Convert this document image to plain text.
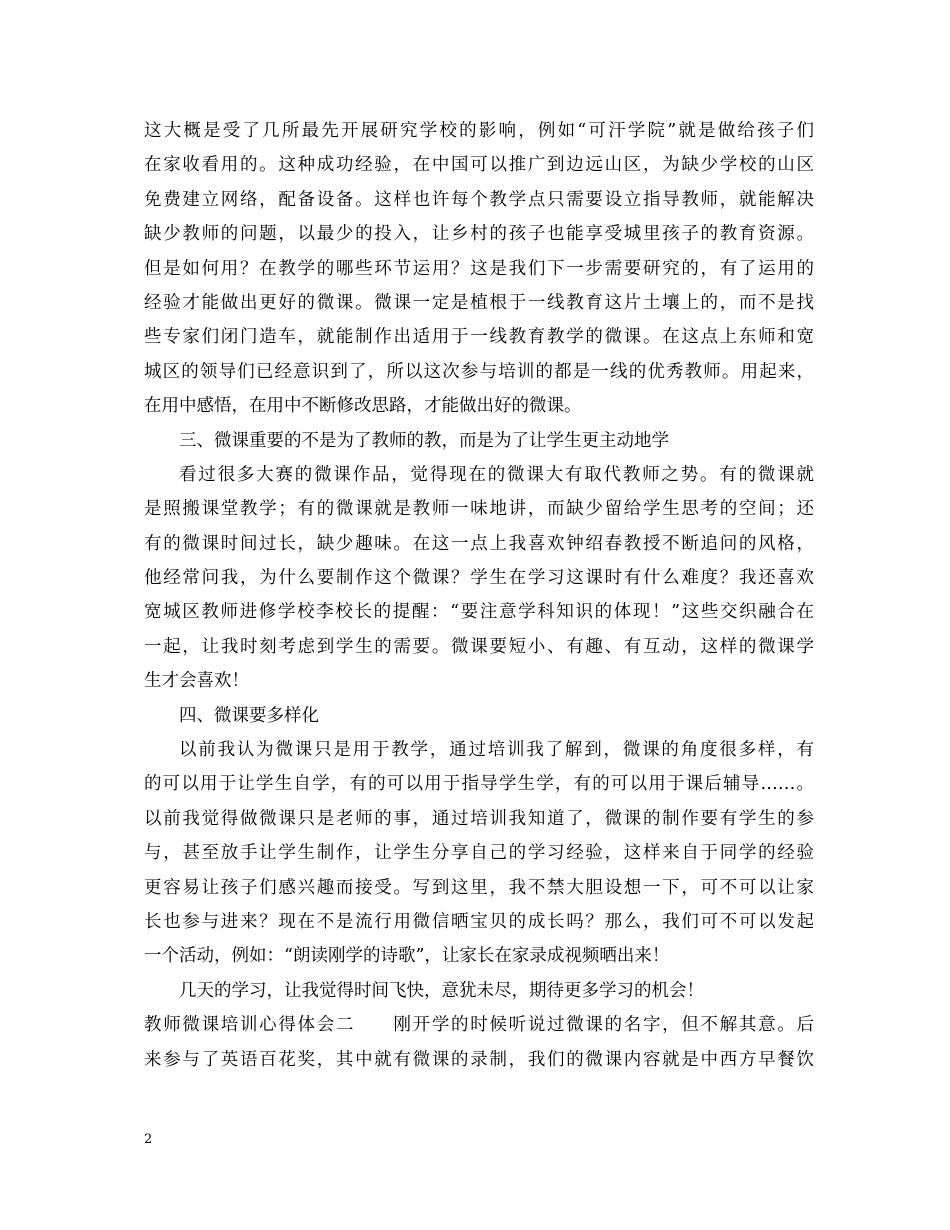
这大概是受了几所最先开展研究学校的影响，例如“可汗学院”就是做给孩子们
在家收看用的。这种成功经验，在中国可以推广到边远山区，为缺少学校的山区
免费建立网络，配备设备。这样也许每个教学点只需要设立指导教师，就能解决
缺少教师的问题，以最少的投入，让乡村的孩子也能享受城里孩子的教育资源。
但是如何用？在教学的哪些环节运用？这是我们下一步需要研究的，有了运用的
经验才能做出更好的微课。微课一定是植根于一线教育这片土壤上的，而不是找
些专家们闭门造车，就能制作出适用于一线教育教学的微课。在这点上东师和宽
城区的领导们已经意识到了，所以这次参与培训的都是一线的优秀教师。用起来，
在用中感悟，在用中不断修改思路，才能做出好的微课。
三、微课重要的不是为了教师的教，而是为了让学生更主动地学
看过很多大赛的微课作品，觉得现在的微课大有取代教师之势。有的微课就
是照搬课堂教学；有的微课就是教师一味地讲，而缺少留给学生思考的空间；还
有的微课时间过长，缺少趣味。在这一点上我喜欢钟绍春教授不断追问的风格，
他经常问我，为什么要制作这个微课？学生在学习这课时有什么难度？我还喜欢
宽城区教师进修学校李校长的提醒：“要注意学科知识的体现！”这些交织融合在
一起，让我时刻考虑到学生的需要。微课要短小、有趣、有互动，这样的微课学
生才会喜欢！
四、微课要多样化
以前我认为微课只是用于教学，通过培训我了解到，微课的角度很多样，有
的可以用于让学生自学，有的可以用于指导学生学，有的可以用于课后辅导……。
以前我觉得做微课只是老师的事，通过培训我知道了，微课的制作要有学生的参
与，甚至放手让学生制作，让学生分享自己的学习经验，这样来自于同学的经验
更容易让孩子们感兴趣而接受。写到这里，我不禁大胆设想一下，可不可以让家
长也参与进来？现在不是流行用微信晒宝贝的成长吗？那么，我们可不可以发起
一个活动，例如：“朗读刚学的诗歌”，让家长在家录成视频晒出来！
几天的学习，让我觉得时间飞快，意犹未尽，期待更多学习的机会！
教师微课培训心得体会二　　刚开学的时候听说过微课的名字，但不解其意。后
来参与了英语百花奖，其中就有微课的录制，我们的微课内容就是中西方早餐饮
2
